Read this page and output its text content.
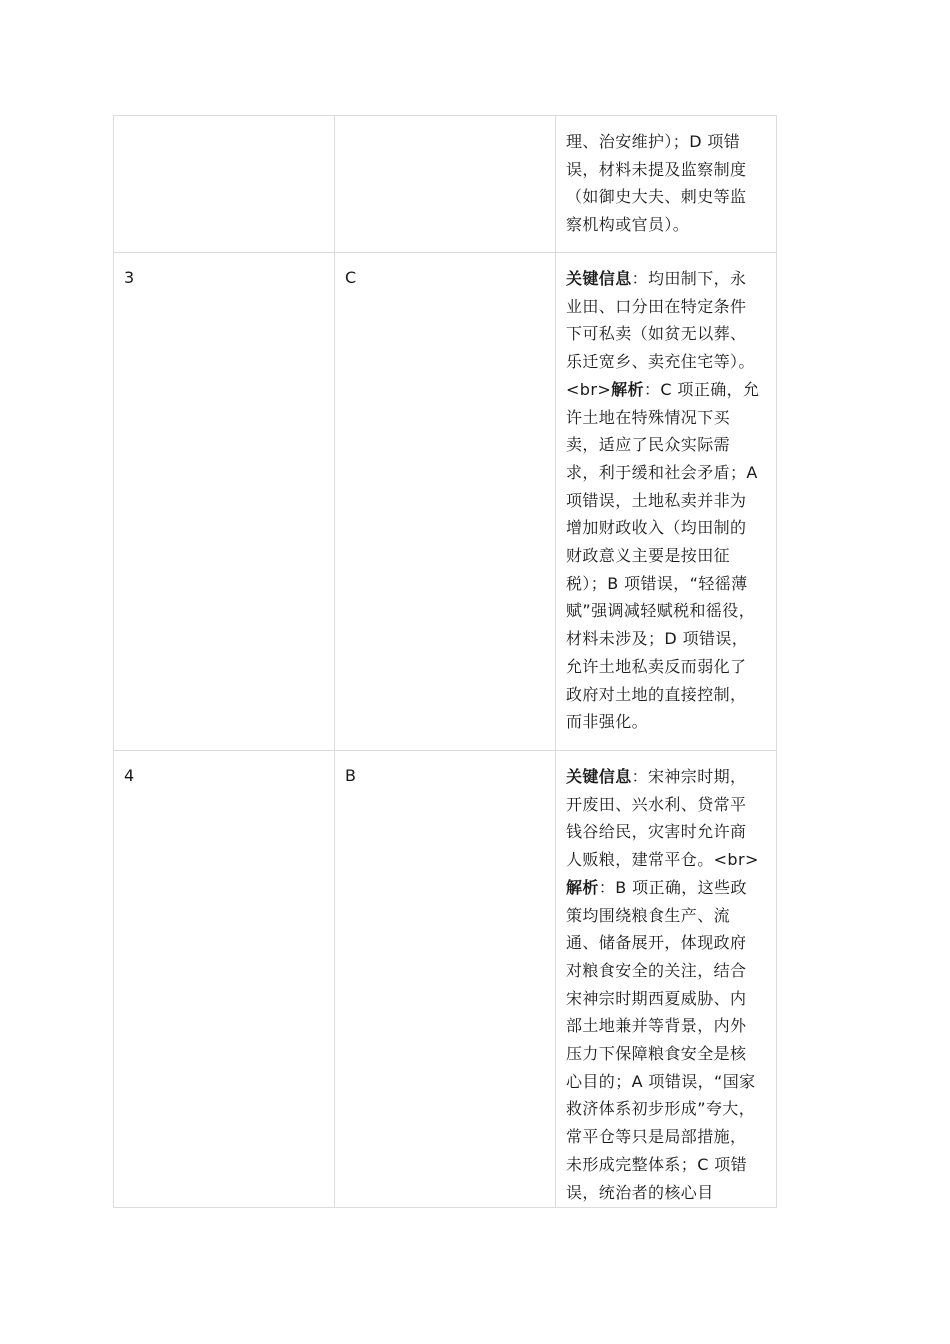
		理、治安维护）；D 项错误，材料未提及监察制度（如御史大夫、刺史等监察机构或官员）。

3	C	关键信息：均田制下，永业田、口分田在特定条件下可私卖（如贫无以葬、乐迁宽乡、卖充住宅等）。<br>解析：C 项正确，允许土地在特殊情况下买卖，适应了民众实际需求，利于缓和社会矛盾；A 项错误，土地私卖并非为增加财政收入（均田制的财政意义主要是按田征税）；B 项错误，“轻徭薄赋”强调减轻赋税和徭役，材料未涉及；D 项错误，允许土地私卖反而弱化了政府对土地的直接控制，而非强化。

4	B	关键信息：宋神宗时期，开废田、兴水利、贷常平钱谷给民，灾害时允许商人贩粮，建常平仓。<br>解析：B 项正确，这些政策均围绕粮食生产、流通、储备展开，体现政府对粮食安全的关注，结合宋神宗时期西夏威胁、内部土地兼并等背景，内外压力下保障粮食安全是核心目的；A 项错误，“国家救济体系初步形成”夸大，常平仓等只是局部措施，未形成完整体系；C 项错误，统治者的核心目
